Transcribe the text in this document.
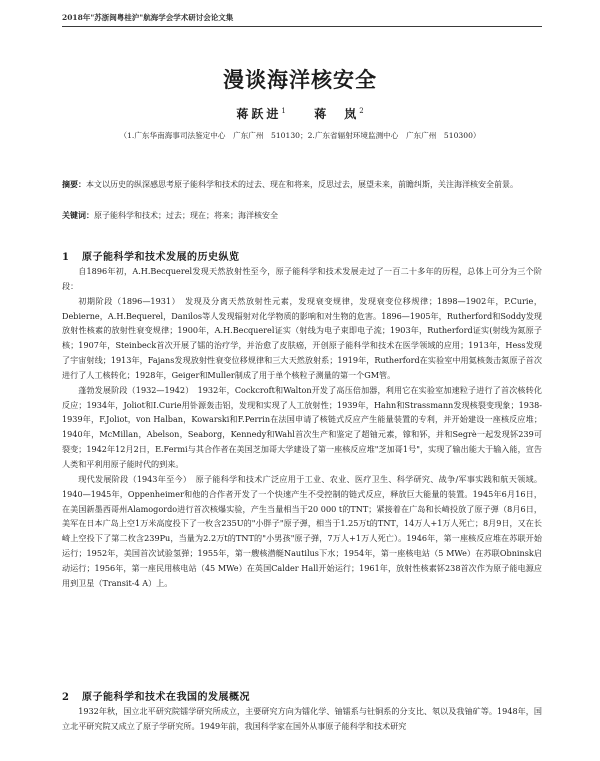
2018年"苏浙闽粤桂沪"航海学会学术研讨会论文集
漫谈海洋核安全
蒋跃进$^1$ 蒋　岚$^2$
（1.广东华南海事司法鉴定中心　广东广州　510130；2.广东省辐射环境监测中心　广东广州　510300）
摘要：本文以历史的纵深感思考原子能科学和技术的过去、现在和将来，反思过去，展望未来，前瞻纠斯，关注海洋核安全前景。
关键词：原子能科学和技术；过去；现在；将来；海洋核安全
1 原子能科学和技术发展的历史纵览

自1896年初，A.H.Becquerel发现天然放射性至今，原子能科学和技术发展走过了一百二十多年的历程，总体上可分为三个阶段：

初期阶段（1896—1931）　发现及分离天然放射性元素，发现衰变规律，发现衰变位移规律；1898—1902年，P.Curie，Debierne，A.H.Bequerel，Danilos等人发现辐射对化学物质的影响和对生物的危害。1896—1905年，Rutherford和Soddy发现放射性核素的放射性衰变规律；1900年，A.H.Becquerel证实（射线为电子束即电子流；1903年，Rutherford证实(射线为氮原子核；1907年，Steinbeck首次开展了镭的治疗学，并治愈了皮肤癌，开创原子能科学和技术在医学领域的应用；1913年，Hess发现了宇宙射线；1913年，Fajans发现放射性衰变位移规律和三大天然放射系；1919年，Rutherford在实验室中用氦核轰击氮原子首次进行了人工核转化；1928年，Geiger和Muller制成了用于单个核粒子测量的第一个GM管。

蓬勃发展阶段（1932—1942）　1932年，Cockcroft和Walton开发了高压倍加器，利用它在实验室加速粒子进行了首次核转化反应；1934年，Joliot和I.Curie用钋源轰击铝，发现和实现了人工放射性；1939年，Hahn和Strassmann发现核裂变现象；1938-1939年，F.Joliot，von Halban，Kowarski和F.Perrin在法国申请了核链式反应产生能量装置的专利，并开始建设一座核反应堆；1940年，McMillan，Abelson，Seaborg，Kennedy和Wahl首次生产和鉴定了超铀元素，镎和钚，并和Segrè一起发现钚239可裂变；1942年12月2日，E.Fermi与其合作者在美国芝加哥大学建设了第一座核反应堆"芝加哥1号"，实现了输出能大于输入能，宣告人类和平利用原子能时代的到来。

现代发展阶段（1943年至今）　原子能科学和技术广泛应用于工业、农业、医疗卫生、科学研究、战争/军事实践和航天领域。1940—1945年，Oppenheimer和他的合作者开发了一个快速产生不受控制的链式反应，释放巨大能量的装置。1945年6月16日，在美国新墨西哥州Alamogordo进行首次核爆实验，产生当量相当于20 000 t的TNT；紧接着在广岛和长崎投放了原子弹（8月6日，美军在日本广岛上空1万米高度投下了一枚含235U的"小胖子"原子弹，相当于1.25万t的TNT，14万人+1万人死亡；8月9日，又在长崎上空投下了第二枚含239Pu，当量为2.2万t的TNT的"小男孩"原子弹，7万人+1万人死亡）。1946年，第一座核反应堆在苏联开始运行；1952年，美国首次试验氢弹；1955年，第一艘核潜艇Nautilus下水；1954年，第一座核电站（5 MWe）在苏联Obninsk启动运行；1956年，第一座民用核电站（45 MWe）在英国Calder Hall开始运行；1961年，放射性核素钚238首次作为原子能电源应用到卫星（Transit-4 A）上。

2 原子能科学和技术在我国的发展概况

1932年秋，国立北平研究院镭学研究所成立，主要研究方向为镭化学、铀镭系与钍铜系的分支比、氡以及我铀矿等。1948年，国立北平研究院又成立了原子学研究所。1949年前，我国科学家在国外从事原子能科学和技术研究
